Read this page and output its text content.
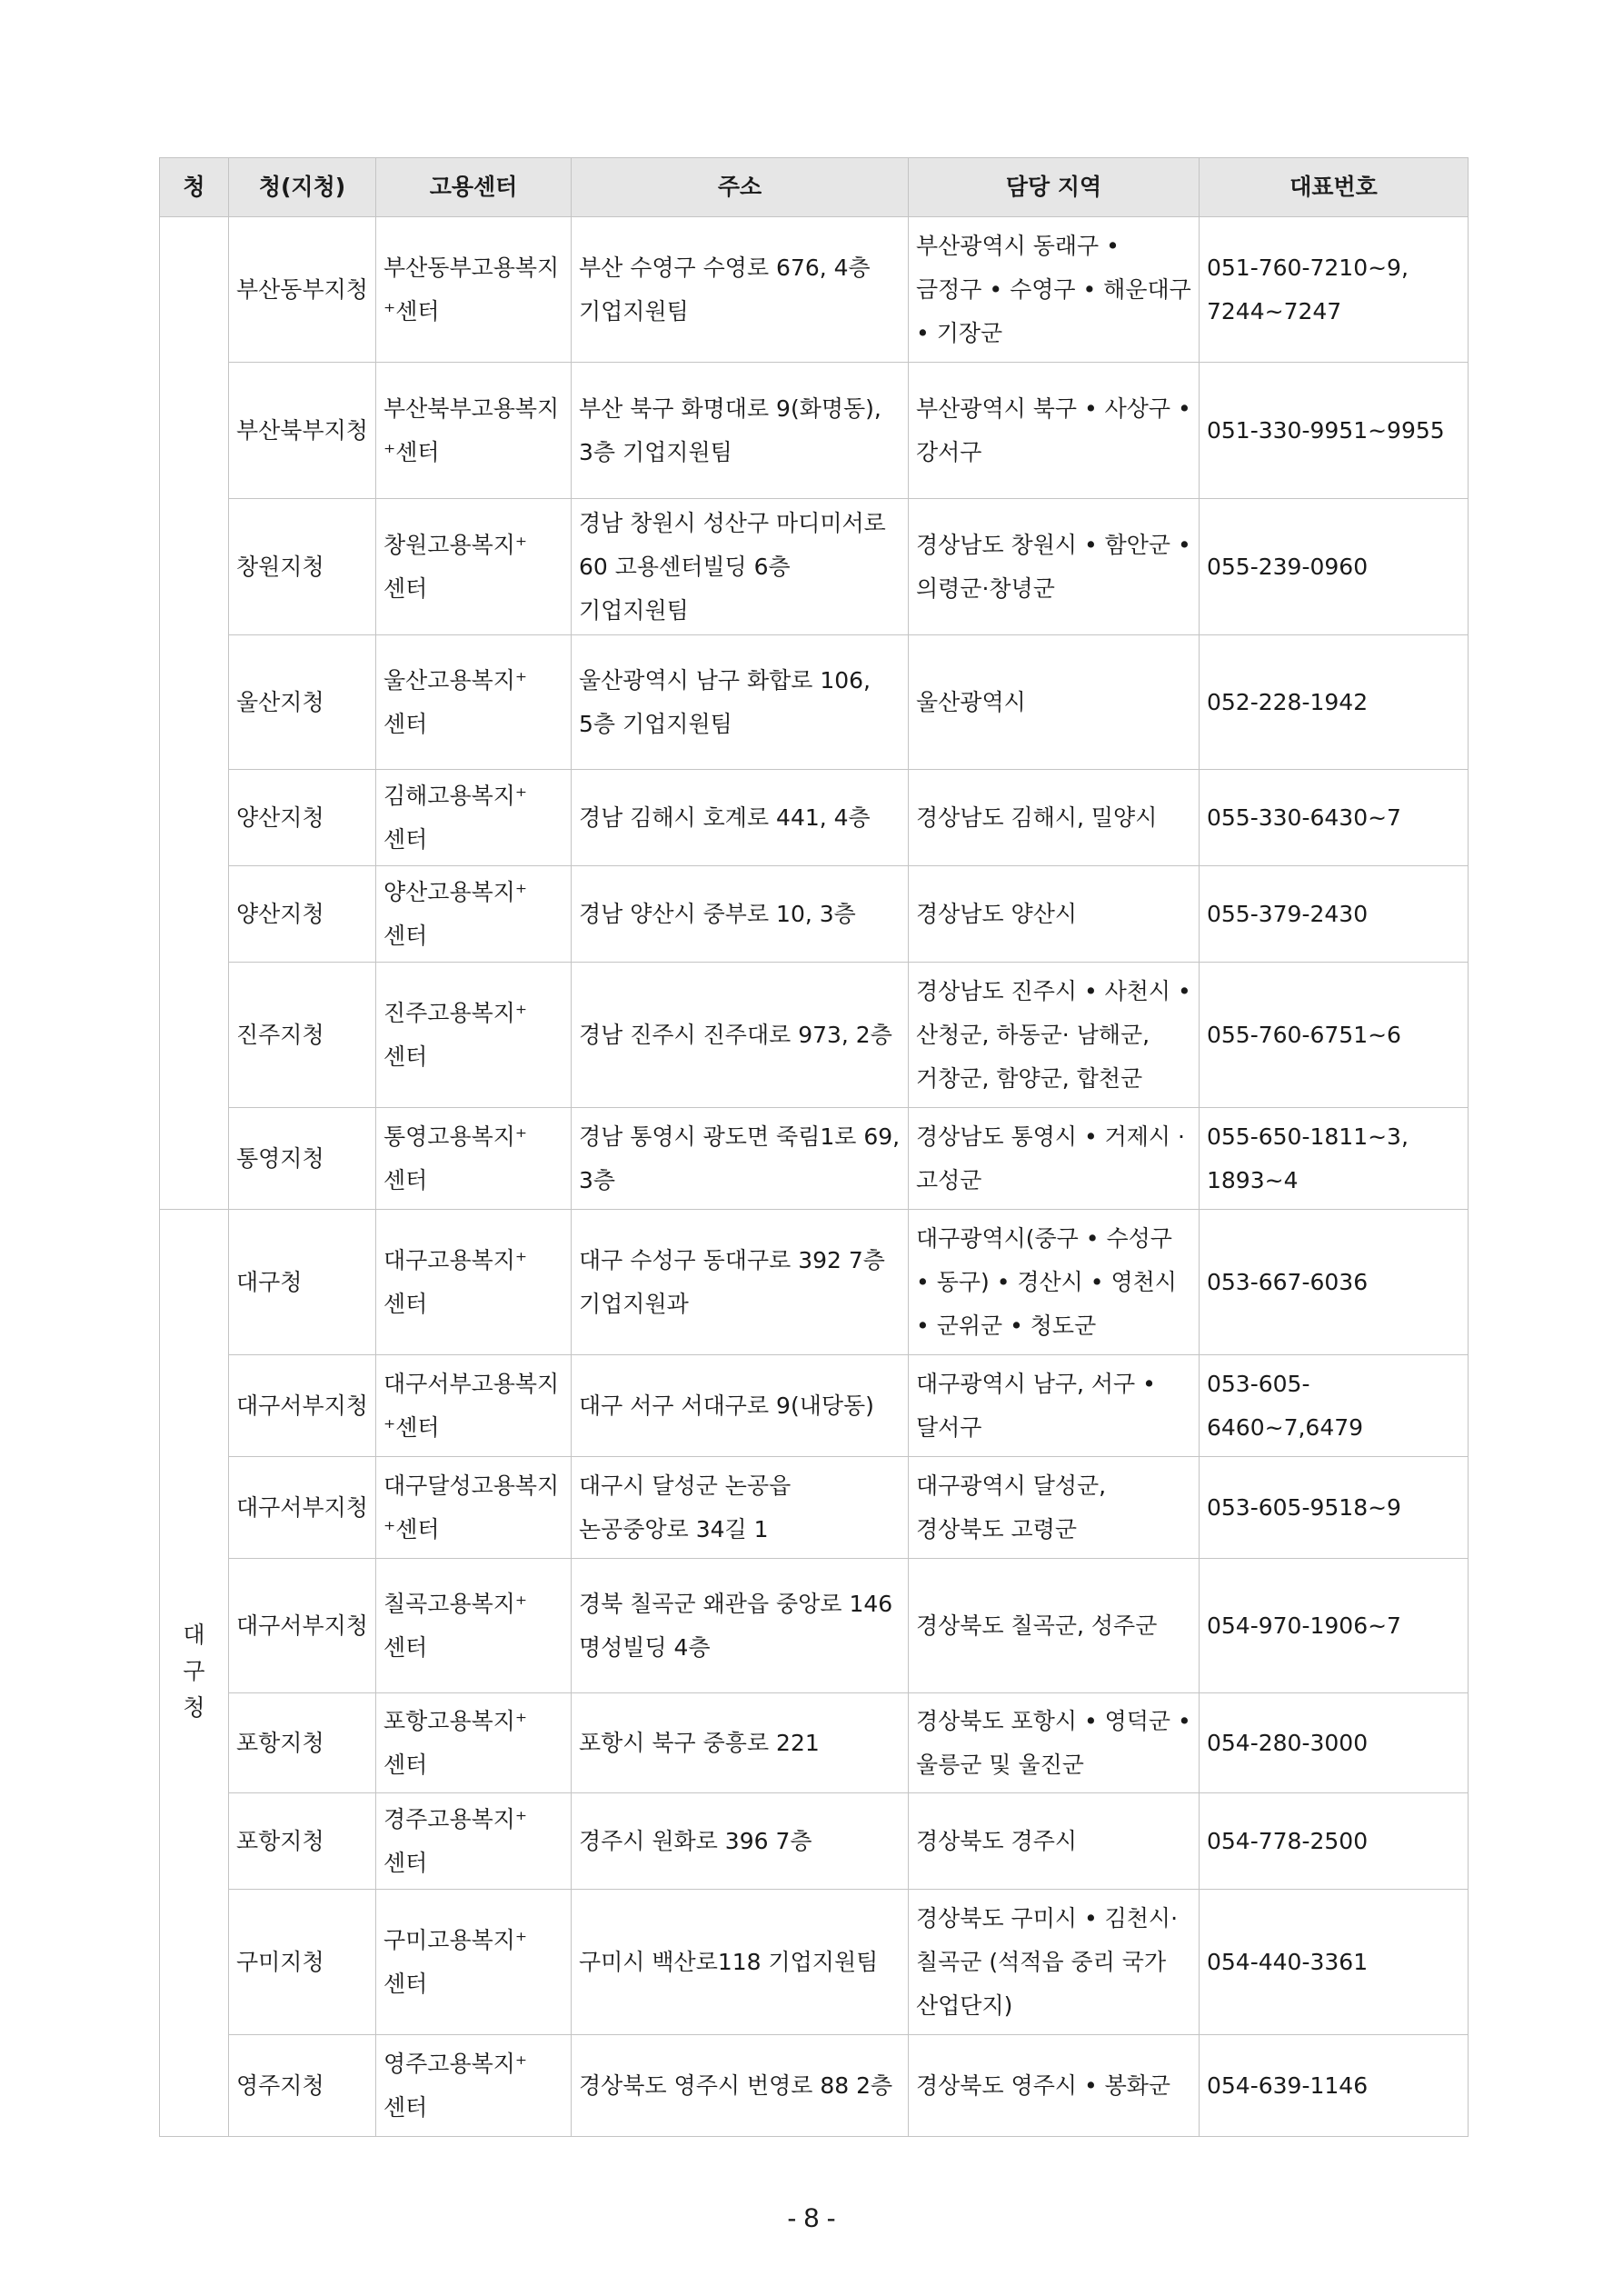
청	청(지청)	고용센터	주소	담당 지역	대표번호
	부산동부지청	부산동부고용복지⁺센터	부산 수영구 수영로 676, 4층 기업지원팀	부산광역시 동래구 • 금정구 • 수영구 • 해운대구 • 기장군	051-760-7210~9, 7244~7247
	부산북부지청	부산북부고용복지⁺센터	부산 북구 화명대로 9(화명동), 3층 기업지원팀	부산광역시 북구 • 사상구 • 강서구	051-330-9951~9955
	창원지청	창원고용복지⁺센터	경남 창원시 성산구 마디미서로 60 고용센터빌딩 6층 기업지원팀	경상남도 창원시 • 함안군 • 의령군·창녕군	055-239-0960
	울산지청	울산고용복지⁺센터	울산광역시 남구 화합로 106, 5층 기업지원팀	울산광역시	052-228-1942
	양산지청	김해고용복지⁺센터	경남 김해시 호계로 441, 4층	경상남도 김해시, 밀양시	055-330-6430~7
	양산지청	양산고용복지⁺센터	경남 양산시 중부로 10, 3층	경상남도 양산시	055-379-2430
	진주지청	진주고용복지⁺센터	경남 진주시 진주대로 973, 2층	경상남도 진주시 • 사천시 • 산청군, 하동군· 남해군, 거창군, 함양군, 합천군	055-760-6751~6
	통영지청	통영고용복지⁺센터	경남 통영시 광도면 죽림1로 69, 3층	경상남도 통영시 • 거제시 · 고성군	055-650-1811~3, 1893~4
대구청	대구청	대구고용복지⁺센터	대구 수성구 동대구로 392 7층 기업지원과	대구광역시(중구 • 수성구 • 동구) • 경산시 • 영천시 • 군위군 • 청도군	053-667-6036
	대구서부지청	대구서부고용복지⁺센터	대구 서구 서대구로 9(내당동)	대구광역시 남구, 서구 • 달서구	053-605-6460~7,6479
	대구서부지청	대구달성고용복지⁺센터	대구시 달성군 논공읍 논공중앙로 34길 1	대구광역시 달성군, 경상북도 고령군	053-605-9518~9
	대구서부지청	칠곡고용복지⁺센터	경북 칠곡군 왜관읍 중앙로 146 명성빌딩 4층	경상북도 칠곡군, 성주군	054-970-1906~7
	포항지청	포항고용복지⁺센터	포항시 북구 중흥로 221	경상북도 포항시 • 영덕군 • 울릉군 및 울진군	054-280-3000
	포항지청	경주고용복지⁺센터	경주시 원화로 396 7층	경상북도 경주시	054-778-2500
	구미지청	구미고용복지⁺센터	구미시 백산로118 기업지원팀	경상북도 구미시 • 김천시· 칠곡군 (석적읍 중리 국가 산업단지)	054-440-3361
	영주지청	영주고용복지⁺센터	경상북도 영주시 번영로 88 2층	경상북도 영주시 • 봉화군	054-639-1146
- 8 -
